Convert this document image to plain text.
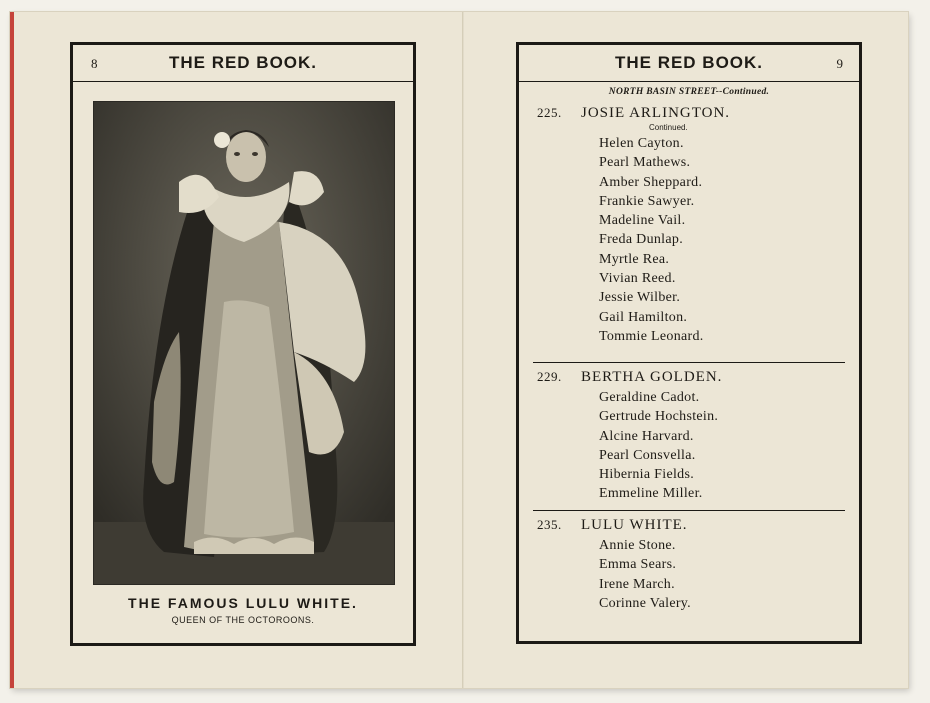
8	THE RED BOOK.
THE FAMOUS LULU WHITE.
QUEEN OF THE OCTOROONS.
THE RED BOOK.	9
NORTH BASIN STREET--Continued.
225. JOSIE ARLINGTON.
Continued.
Helen Cayton.
Pearl Mathews.
Amber Sheppard.
Frankie Sawyer.
Madeline Vail.
Freda Dunlap.
Myrtle Rea.
Vivian Reed.
Jessie Wilber.
Gail Hamilton.
Tommie Leonard.
229. BERTHA GOLDEN.
Geraldine Cadot.
Gertrude Hochstein.
Alcine Harvard.
Pearl Consvella.
Hibernia Fields.
Emmeline Miller.
235. LULU WHITE.
Annie Stone.
Emma Sears.
Irene March.
Corinne Valery.
